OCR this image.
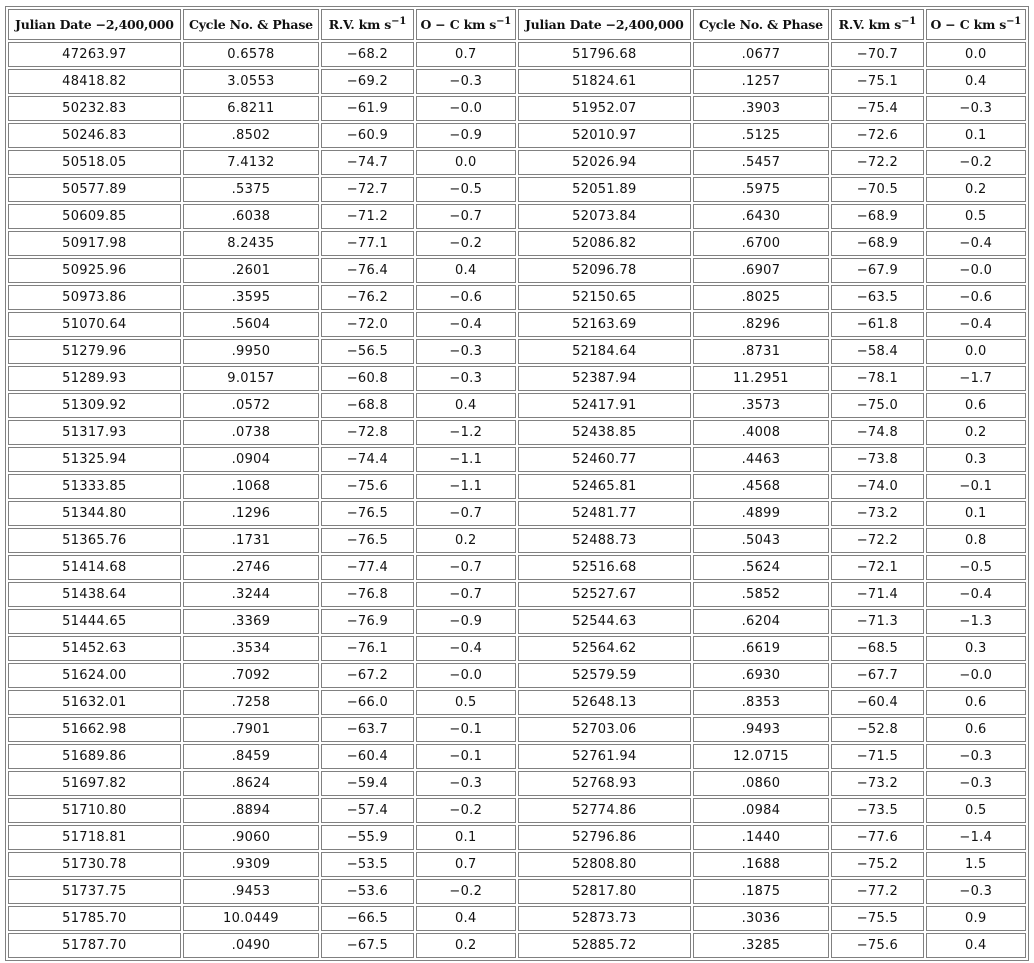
Julian Date −2,400,000	Cycle No. & Phase	R.V. km $s^{-1}$	O − C km $s^{-1}$	Julian Date −2,400,000	Cycle No. & Phase	R.V. km $s^{-1}$	O − C km $s^{-1}$
47263.97	0.6578	−68.2	0.7	51796.68	.0677	−70.7	0.0
48418.82	3.0553	−69.2	−0.3	51824.61	.1257	−75.1	0.4
50232.83	6.8211	−61.9	−0.0	51952.07	.3903	−75.4	−0.3
50246.83	.8502	−60.9	−0.9	52010.97	.5125	−72.6	0.1
50518.05	7.4132	−74.7	0.0	52026.94	.5457	−72.2	−0.2
50577.89	.5375	−72.7	−0.5	52051.89	.5975	−70.5	0.2
50609.85	.6038	−71.2	−0.7	52073.84	.6430	−68.9	0.5
50917.98	8.2435	−77.1	−0.2	52086.82	.6700	−68.9	−0.4
50925.96	.2601	−76.4	0.4	52096.78	.6907	−67.9	−0.0
50973.86	.3595	−76.2	−0.6	52150.65	.8025	−63.5	−0.6
51070.64	.5604	−72.0	−0.4	52163.69	.8296	−61.8	−0.4
51279.96	.9950	−56.5	−0.3	52184.64	.8731	−58.4	0.0
51289.93	9.0157	−60.8	−0.3	52387.94	11.2951	−78.1	−1.7
51309.92	.0572	−68.8	0.4	52417.91	.3573	−75.0	0.6
51317.93	.0738	−72.8	−1.2	52438.85	.4008	−74.8	0.2
51325.94	.0904	−74.4	−1.1	52460.77	.4463	−73.8	0.3
51333.85	.1068	−75.6	−1.1	52465.81	.4568	−74.0	−0.1
51344.80	.1296	−76.5	−0.7	52481.77	.4899	−73.2	0.1
51365.76	.1731	−76.5	0.2	52488.73	.5043	−72.2	0.8
51414.68	.2746	−77.4	−0.7	52516.68	.5624	−72.1	−0.5
51438.64	.3244	−76.8	−0.7	52527.67	.5852	−71.4	−0.4
51444.65	.3369	−76.9	−0.9	52544.63	.6204	−71.3	−1.3
51452.63	.3534	−76.1	−0.4	52564.62	.6619	−68.5	0.3
51624.00	.7092	−67.2	−0.0	52579.59	.6930	−67.7	−0.0
51632.01	.7258	−66.0	0.5	52648.13	.8353	−60.4	0.6
51662.98	.7901	−63.7	−0.1	52703.06	.9493	−52.8	0.6
51689.86	.8459	−60.4	−0.1	52761.94	12.0715	−71.5	−0.3
51697.82	.8624	−59.4	−0.3	52768.93	.0860	−73.2	−0.3
51710.80	.8894	−57.4	−0.2	52774.86	.0984	−73.5	0.5
51718.81	.9060	−55.9	0.1	52796.86	.1440	−77.6	−1.4
51730.78	.9309	−53.5	0.7	52808.80	.1688	−75.2	1.5
51737.75	.9453	−53.6	−0.2	52817.80	.1875	−77.2	−0.3
51785.70	10.0449	−66.5	0.4	52873.73	.3036	−75.5	0.9
51787.70	.0490	−67.5	0.2	52885.72	.3285	−75.6	0.4
